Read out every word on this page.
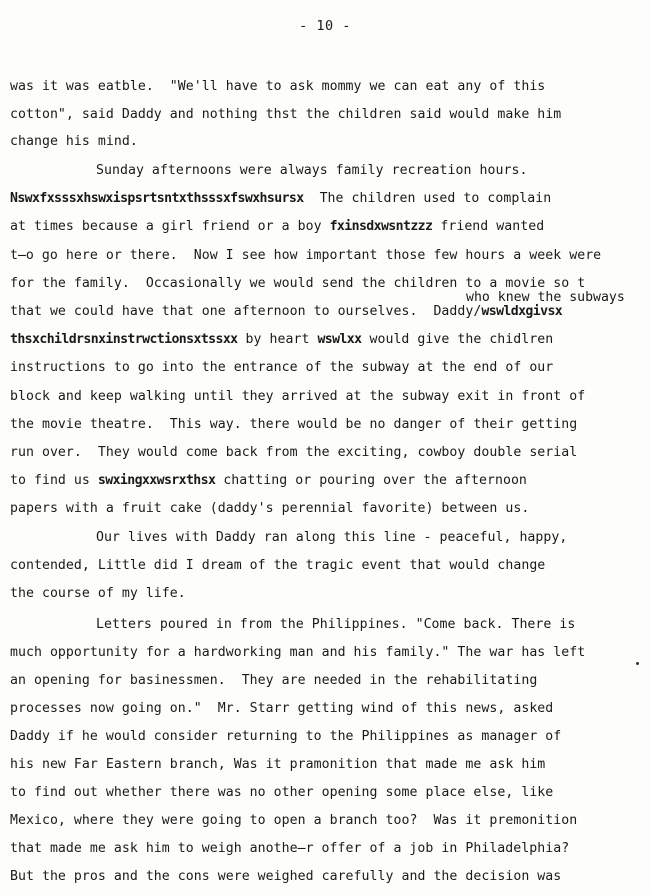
- 10 -
was it was eatble.  "We'll have to ask mommy we can eat any of this
cotton", said Daddy and nothing thst the children said would make him
change his mind.
Sunday afternoons were always family recreation hours.
Nswxfxsssxhswxispsrtsntxthsssxfswxhsursx  The children used to complain
at times because a girl friend or a boy fxinsdxwsntzzz friend wanted
t̶o go here or there.  Now I see how important those few hours a week were
for the family.  Occasionally we would send the children to a movie so t
who knew the subways
that we could have that one afternoon to ourselves.  Daddy/wswldxgivsx
thsxchildrsnxinstrwctionsxtssxx by heart wswlxx would give the chidlren
instructions to go into the entrance of the subway at the end of our
block and keep walking until they arrived at the subway exit in front of
the movie theatre.  This way. there would be no danger of their getting
run over.  They would come back from the exciting, cowboy double serial
to find us swxingxxwsrxthsx chatting or pouring over the afternoon
papers with a fruit cake (daddy's perennial favorite) between us.
Our lives with Daddy ran along this line - peaceful, happy,
contended, Little did I dream of the tragic event that would change
the course of my life.
Letters poured in from the Philippines. "Come back. There is
much opportunity for a hardworking man and his family." The war has left
an opening for basinessmen.  They are needed in the rehabilitating
processes now going on."  Mr. Starr getting wind of this news, asked
Daddy if he would consider returning to the Philippines as manager of
his new Far Eastern branch, Was it pramonition that made me ask him
to find out whether there was no other opening some place else, like
Mexico, where they were going to open a branch too?  Was it premonition
that made me ask him to weigh anothe̶r offer of a job in Philadelphia?
But the pros and the cons were weighed carefully and the decision was
